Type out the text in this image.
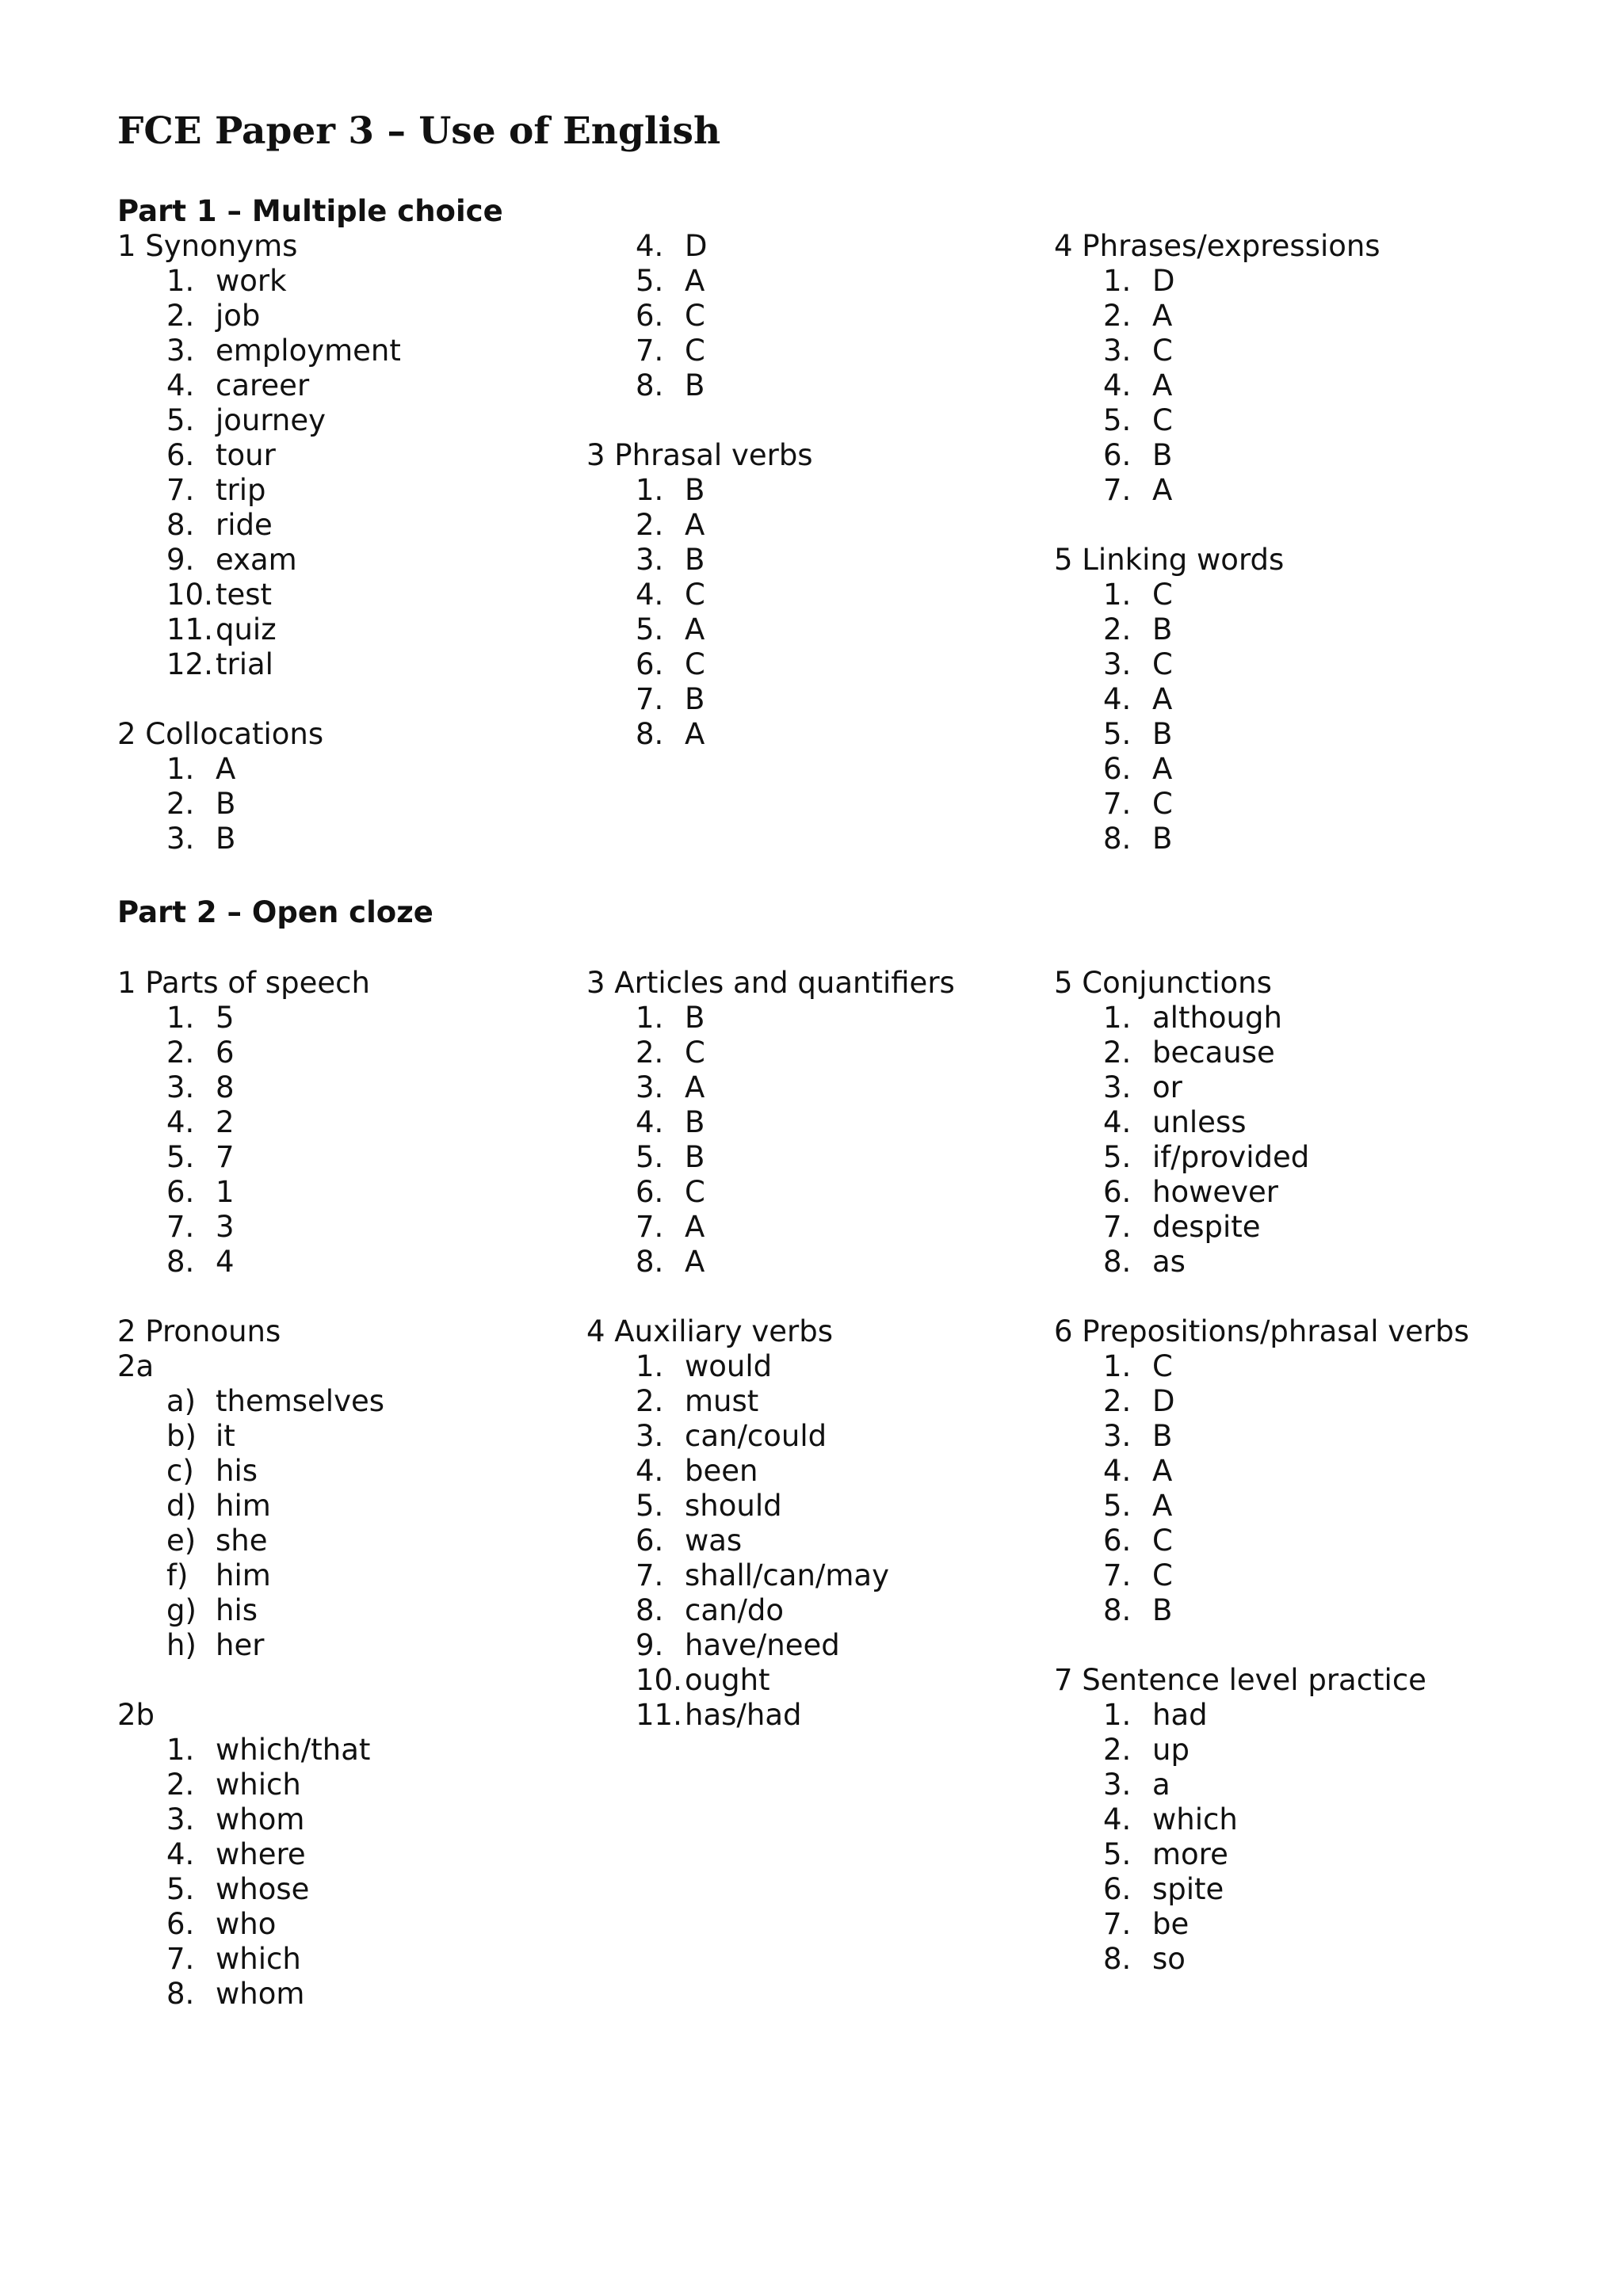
FCE Paper 3 – Use of English
Part 1 – Multiple choice
1 Synonyms
1. work
2. job
3. employment
4. career
5. journey
6. tour
7. trip
8. ride
9. exam
10. test
11. quiz
12. trial
2 Collocations
1. A
2. B
3. B
4. D
5. A
6. C
7. C
8. B
3 Phrasal verbs
1. B
2. A
3. B
4. C
5. A
6. C
7. B
8. A
4 Phrases/expressions
1. D
2. A
3. C
4. A
5. C
6. B
7. A
5 Linking words
1. C
2. B
3. C
4. A
5. B
6. A
7. C
8. B
Part 2 – Open cloze
1 Parts of speech
1. 5
2. 6
3. 8
4. 2
5. 7
6. 1
7. 3
8. 4
2 Pronouns
2a
a) themselves
b) it
c) his
d) him
e) she
f) him
g) his
h) her
2b
1. which/that
2. which
3. whom
4. where
5. whose
6. who
7. which
8. whom
3 Articles and quantifiers
1. B
2. C
3. A
4. B
5. B
6. C
7. A
8. A
4 Auxiliary verbs
1. would
2. must
3. can/could
4. been
5. should
6. was
7. shall/can/may
8. can/do
9. have/need
10. ought
11. has/had
5 Conjunctions
1. although
2. because
3. or
4. unless
5. if/provided
6. however
7. despite
8. as
6 Prepositions/phrasal verbs
1. C
2. D
3. B
4. A
5. A
6. C
7. C
8. B
7 Sentence level practice
1. had
2. up
3. a
4. which
5. more
6. spite
7. be
8. so
